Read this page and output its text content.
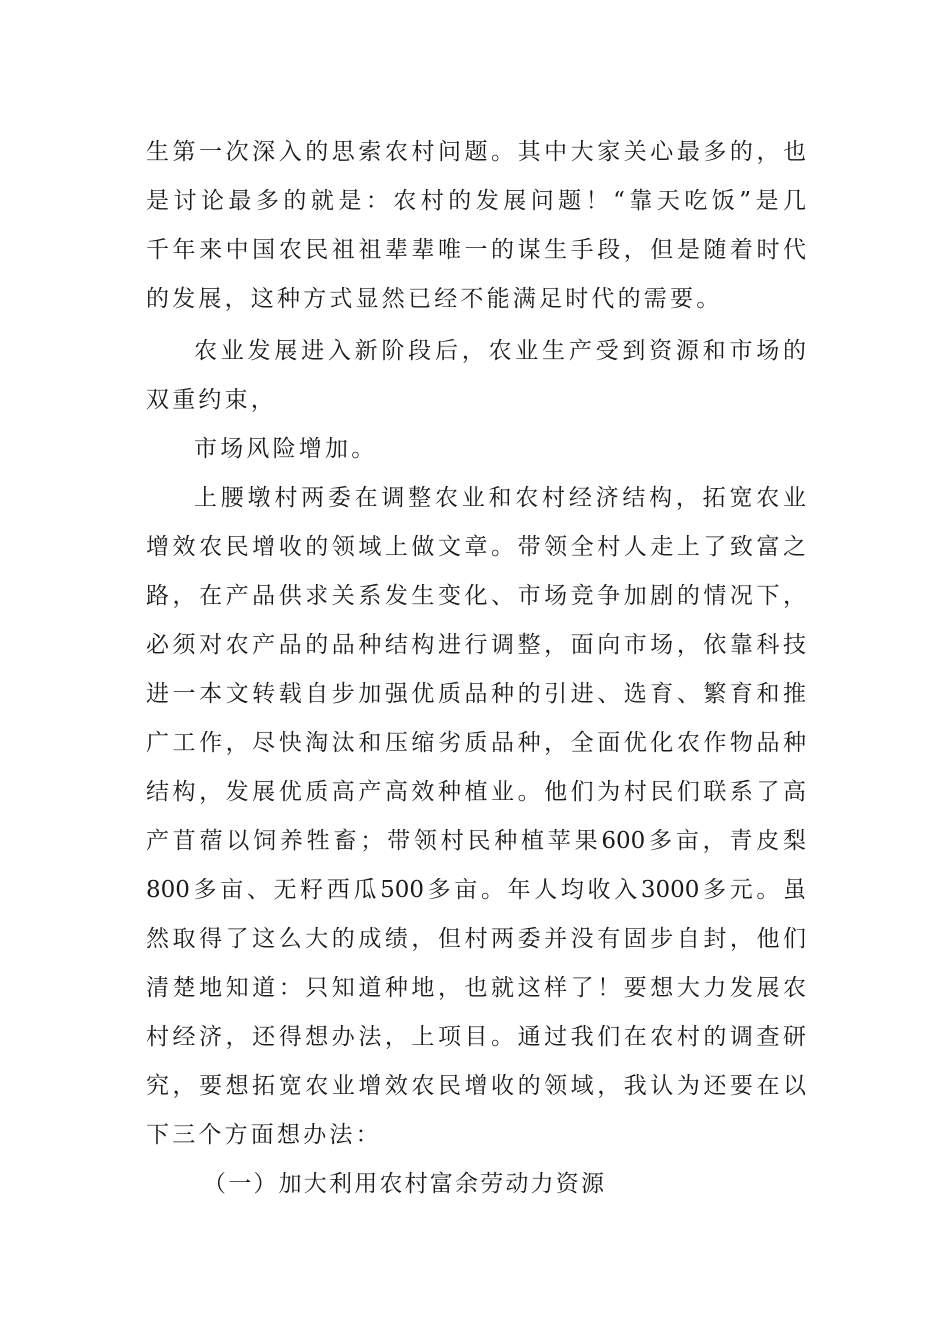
生第一次深入的思索农村问题。其中大家关心最多的，也
是讨论最多的就是：农村的发展问题！“靠天吃饭”是几
千年来中国农民祖祖辈辈唯一的谋生手段，但是随着时代
的发展，这种方式显然已经不能满足时代的需要。
农业发展进入新阶段后，农业生产受到资源和市场的
双重约束，
市场风险增加。
上腰墩村两委在调整农业和农村经济结构，拓宽农业
增效农民增收的领域上做文章。带领全村人走上了致富之
路，在产品供求关系发生变化、市场竞争加剧的情况下，
必须对农产品的品种结构进行调整，面向市场，依靠科技
进一本文转载自步加强优质品种的引进、选育、繁育和推
广工作，尽快淘汰和压缩劣质品种，全面优化农作物品种
结构，发展优质高产高效种植业。他们为村民们联系了高
产苜蓿以饲养牲畜；带领村民种植苹果600多亩，青皮梨
800多亩、无籽西瓜500多亩。年人均收入3000多元。虽
然取得了这么大的成绩，但村两委并没有固步自封，他们
清楚地知道：只知道种地，也就这样了！要想大力发展农
村经济，还得想办法，上项目。通过我们在农村的调查研
究，要想拓宽农业增效农民增收的领域，我认为还要在以
下三个方面想办法：
（一）加大利用农村富余劳动力资源
